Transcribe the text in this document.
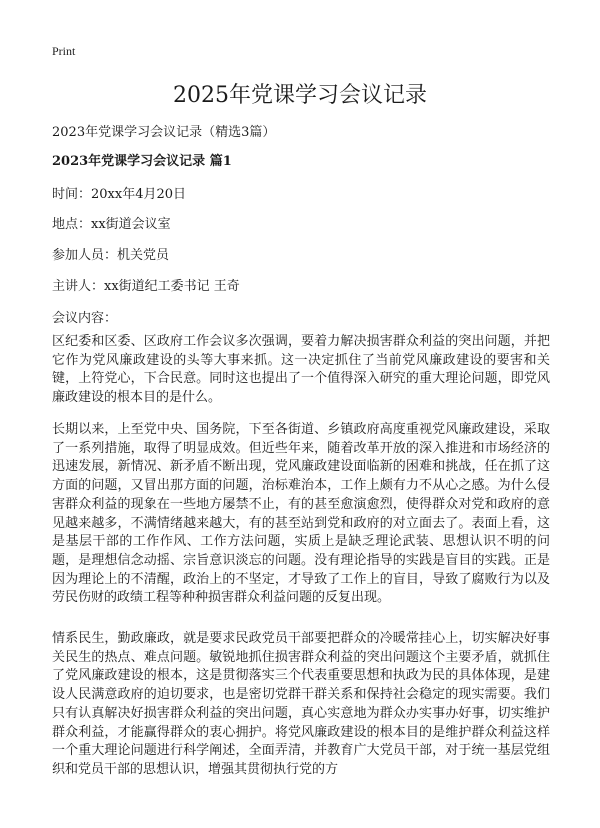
Print
2025年党课学习会议记录
2023年党课学习会议记录（精选3篇）
2023年党课学习会议记录 篇1
时间：20xx年4月20日
地点：xx街道会议室
参加人员：机关党员
主讲人：xx街道纪工委书记 王奇
会议内容：

区纪委和区委、区政府工作会议多次强调，要着力解决损害群众利益的突出问题，并把它作为党风廉政建设的头等大事来抓。这一决定抓住了当前党风廉政建设的要害和关键，上符党心，下合民意。同时这也提出了一个值得深入研究的重大理论问题，即党风廉政建设的根本目的是什么。

长期以来，上至党中央、国务院，下至各街道、乡镇政府高度重视党风廉政建设，采取了一系列措施，取得了明显成效。但近些年来，随着改革开放的深入推进和市场经济的迅速发展，新情况、新矛盾不断出现，党风廉政建设面临新的困难和挑战，任在抓了这方面的问题，又冒出那方面的问题，治标难治本，工作上颇有力不从心之感。为什么侵害群众利益的现象在一些地方屡禁不止，有的甚至愈演愈烈，使得群众对党和政府的意见越来越多，不满情绪越来越大，有的甚至站到党和政府的对立面去了。表面上看，这是基层干部的工作作风、工作方法问题，实质上是缺乏理论武装、思想认识不明的问题，是理想信念动摇、宗旨意识淡忘的问题。没有理论指导的实践是盲目的实践。正是因为理论上的不清醒，政治上的不坚定，才导致了工作上的盲目，导致了腐败行为以及劳民伤财的政绩工程等种种损害群众利益问题的反复出现。

情系民生，勤政廉政，就是要求民政党员干部要把群众的冷暖常挂心上，切实解决好事关民生的热点、难点问题。敏锐地抓住损害群众利益的突出问题这个主要矛盾，就抓住了党风廉政建设的根本，这是贯彻落实三个代表重要思想和执政为民的具体体现，是建设人民满意政府的迫切要求，也是密切党群干群关系和保持社会稳定的现实需要。我们只有认真解决好损害群众利益的突出问题，真心实意地为群众办实事办好事，切实维护群众利益，才能赢得群众的衷心拥护。将党风廉政建设的根本目的是维护群众利益这样一个重大理论问题进行科学阐述，全面弄清，并教育广大党员干部，对于统一基层党组织和党员干部的思想认识，增强其贯彻执行党的方
